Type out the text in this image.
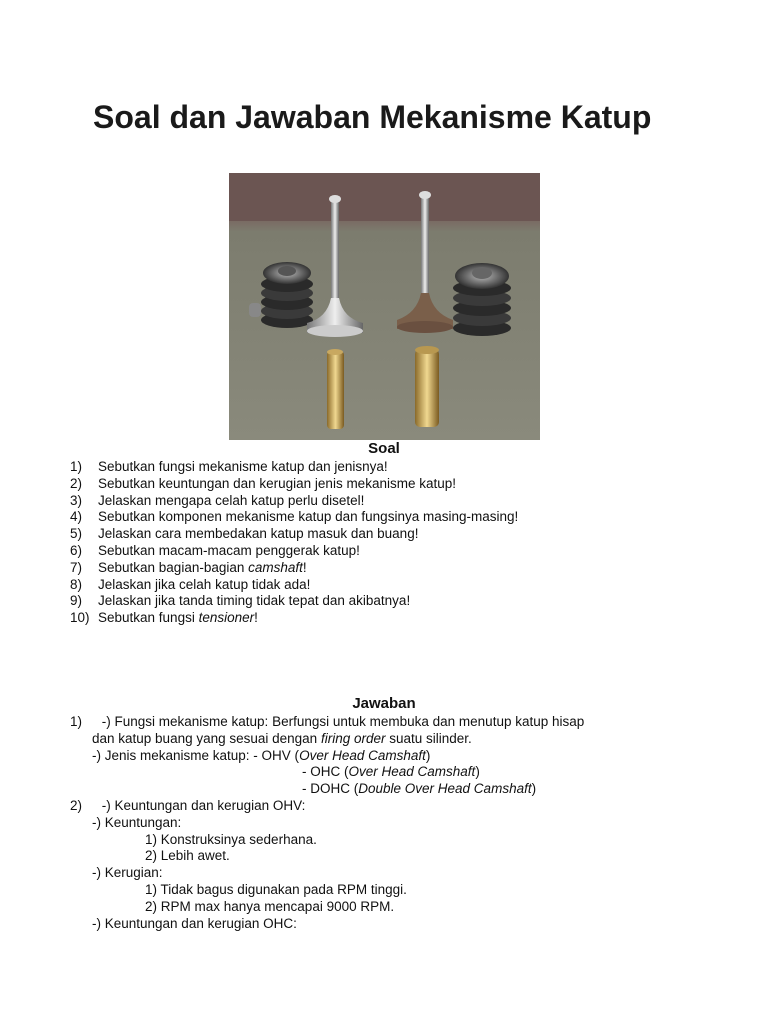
Soal dan Jawaban Mekanisme Katup
Soal
1)	Sebutkan fungsi mekanisme katup dan jenisnya!
2)	Sebutkan keuntungan dan kerugian jenis mekanisme katup!
3)	Jelaskan mengapa celah katup perlu disetel!
4)	Sebutkan komponen mekanisme katup dan fungsinya masing-masing!
5)	Jelaskan cara membedakan katup masuk dan buang!
6)	Sebutkan macam-macam penggerak katup!
7)	Sebutkan bagian-bagian camshaft!
8)	Jelaskan jika celah katup tidak ada!
9)	Jelaskan jika tanda timing tidak tepat dan akibatnya!
10) Sebutkan fungsi tensioner!
Jawaban
1) -) Fungsi mekanisme katup: Berfungsi untuk membuka dan menutup katup hisap
dan katup buang yang sesuai dengan firing order suatu silinder.
-) Jenis mekanisme katup: - OHV (Over Head Camshaft)
- OHC (Over Head Camshaft)
- DOHC (Double Over Head Camshaft)
2) -) Keuntungan dan kerugian OHV:
-) Keuntungan:
1) Konstruksinya sederhana.
2) Lebih awet.
-) Kerugian:
1) Tidak bagus digunakan pada RPM tinggi.
2) RPM max hanya mencapai 9000 RPM.
-) Keuntungan dan kerugian OHC:
